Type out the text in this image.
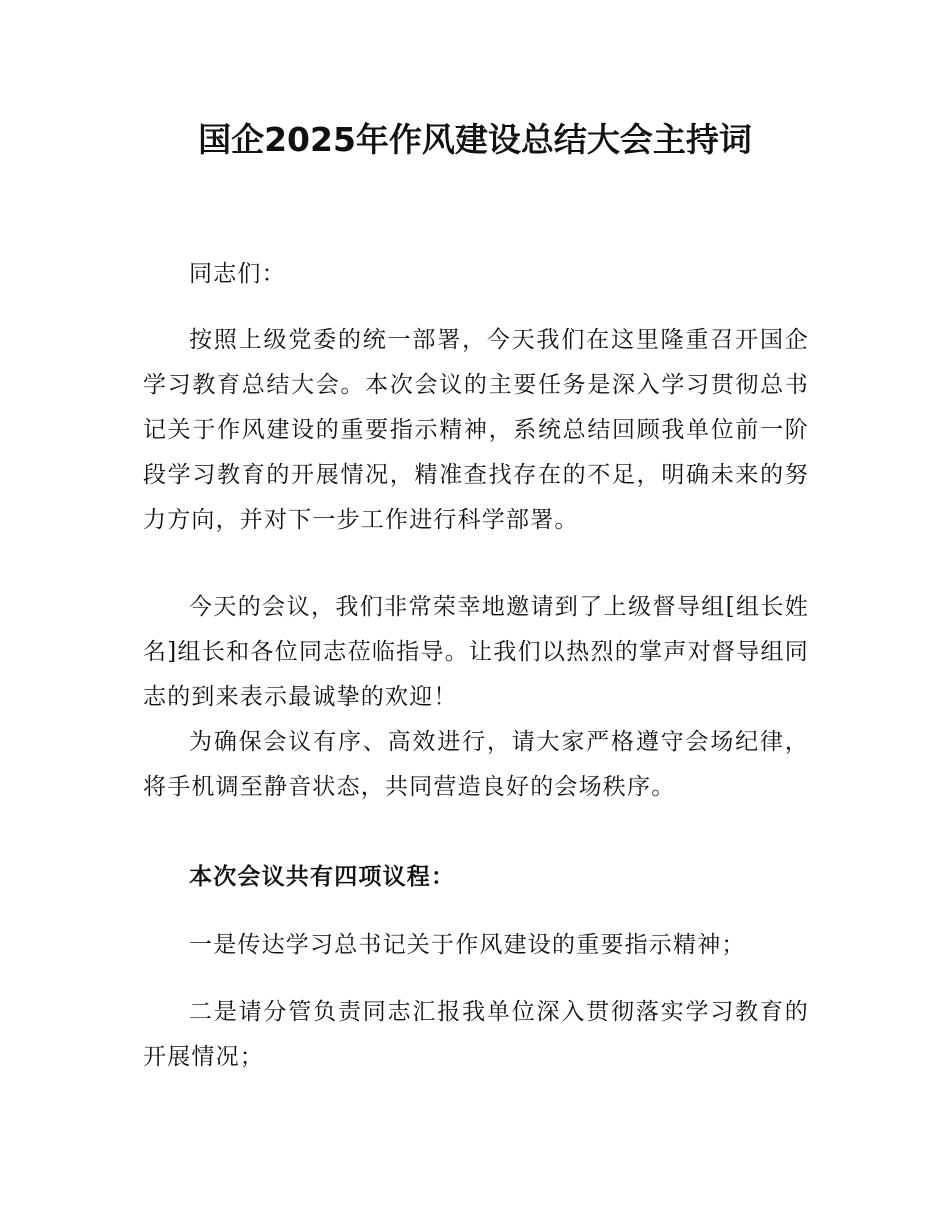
国企2025年作风建设总结大会主持词

同志们：

按照上级党委的统一部署，今天我们在这里隆重召开国企学习教育总结大会。本次会议的主要任务是深入学习贯彻总书记关于作风建设的重要指示精神，系统总结回顾我单位前一阶段学习教育的开展情况，精准查找存在的不足，明确未来的努力方向，并对下一步工作进行科学部署。

今天的会议，我们非常荣幸地邀请到了上级督导组[组长姓名]组长和各位同志莅临指导。让我们以热烈的掌声对督导组同志的到来表示最诚挚的欢迎！

为确保会议有序、高效进行，请大家严格遵守会场纪律，将手机调至静音状态，共同营造良好的会场秩序。

本次会议共有四项议程：

一是传达学习总书记关于作风建设的重要指示精神；

二是请分管负责同志汇报我单位深入贯彻落实学习教育的开展情况；
